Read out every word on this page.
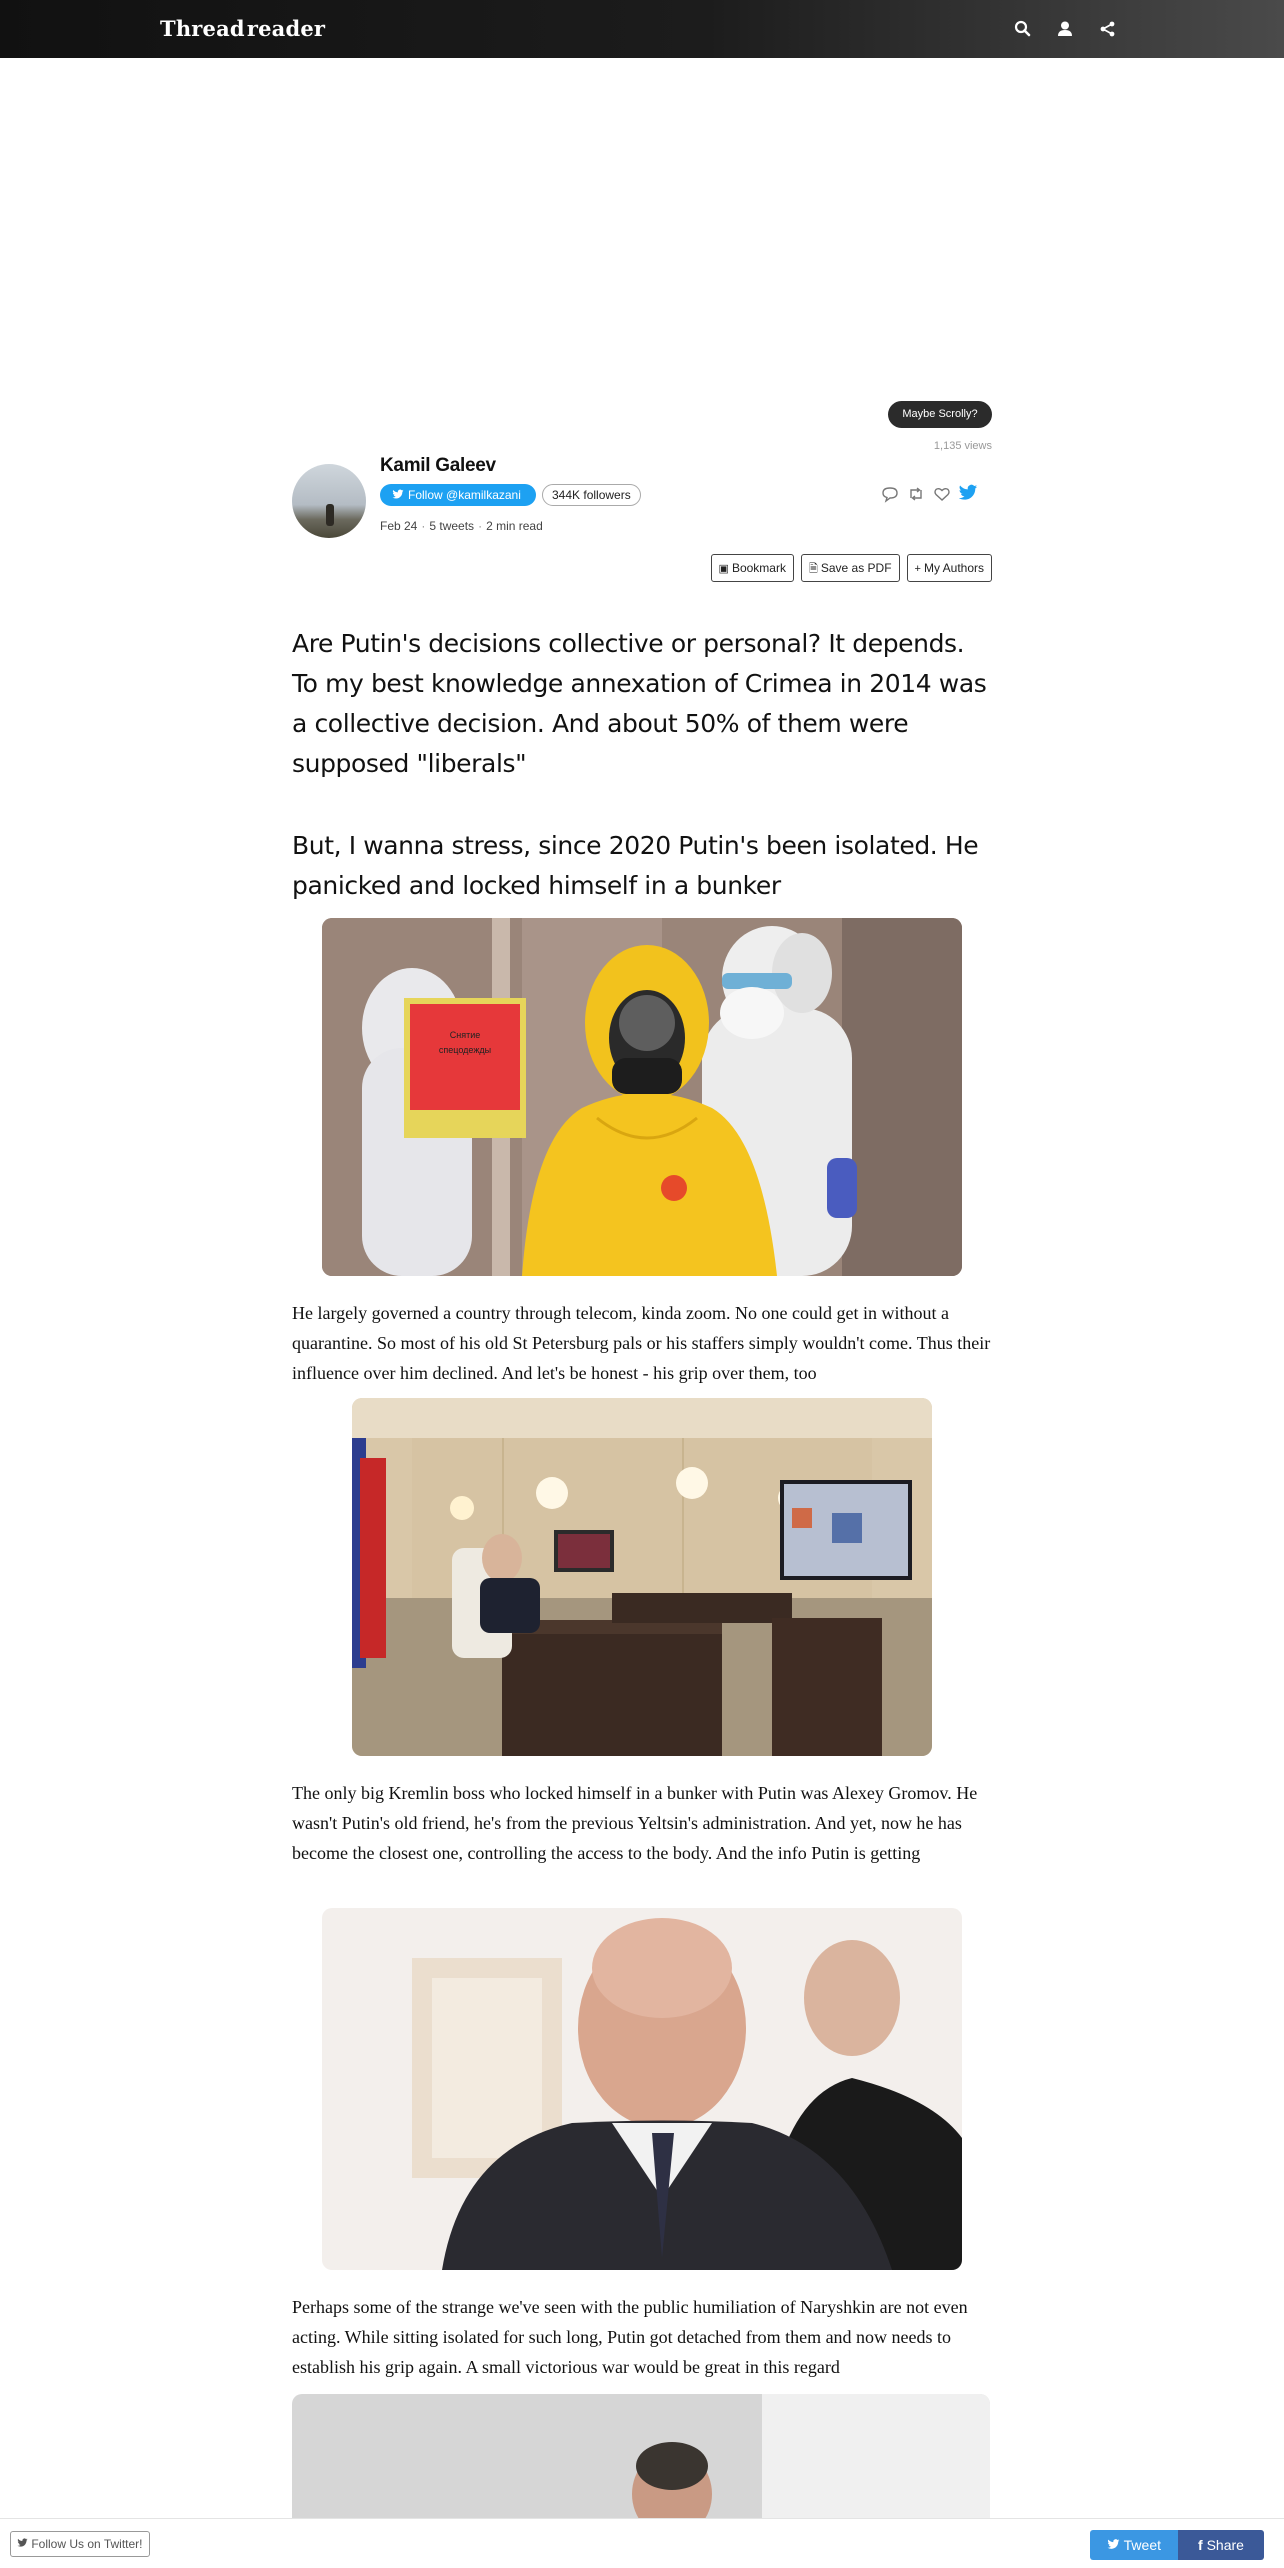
Threadreader
Maybe Scrolly?
1,135 views
Kamil Galeev
Follow @kamilkazani	344K followers
Feb 24 · 5 tweets · 2 min read
▣ Bookmark	🗎 Save as PDF	+ My Authors
Are Putin's decisions collective or personal? It depends. To my best knowledge annexation of Crimea in 2014 was a collective decision. And about 50% of them were supposed "liberals"
But, I wanna stress, since 2020 Putin's been isolated. He panicked and locked himself in a bunker
Снятие
спецодежды
He largely governed a country through telecom, kinda zoom. No one could get in without a quarantine. So most of his old St Petersburg pals or his staffers simply wouldn't come. Thus their influence over him declined. And let's be honest - his grip over them, too
The only big Kremlin boss who locked himself in a bunker with Putin was Alexey Gromov. He wasn't Putin's old friend, he's from the previous Yeltsin's administration. And yet, now he has become the closest one, controlling the access to the body. And the info Putin is getting
Perhaps some of the strange we've seen with the public humiliation of Naryshkin are not even acting. While sitting isolated for such long, Putin got detached from them and now needs to establish his grip again. A small victorious war would be great in this regard
Follow Us on Twitter!	Tweet	f Share
